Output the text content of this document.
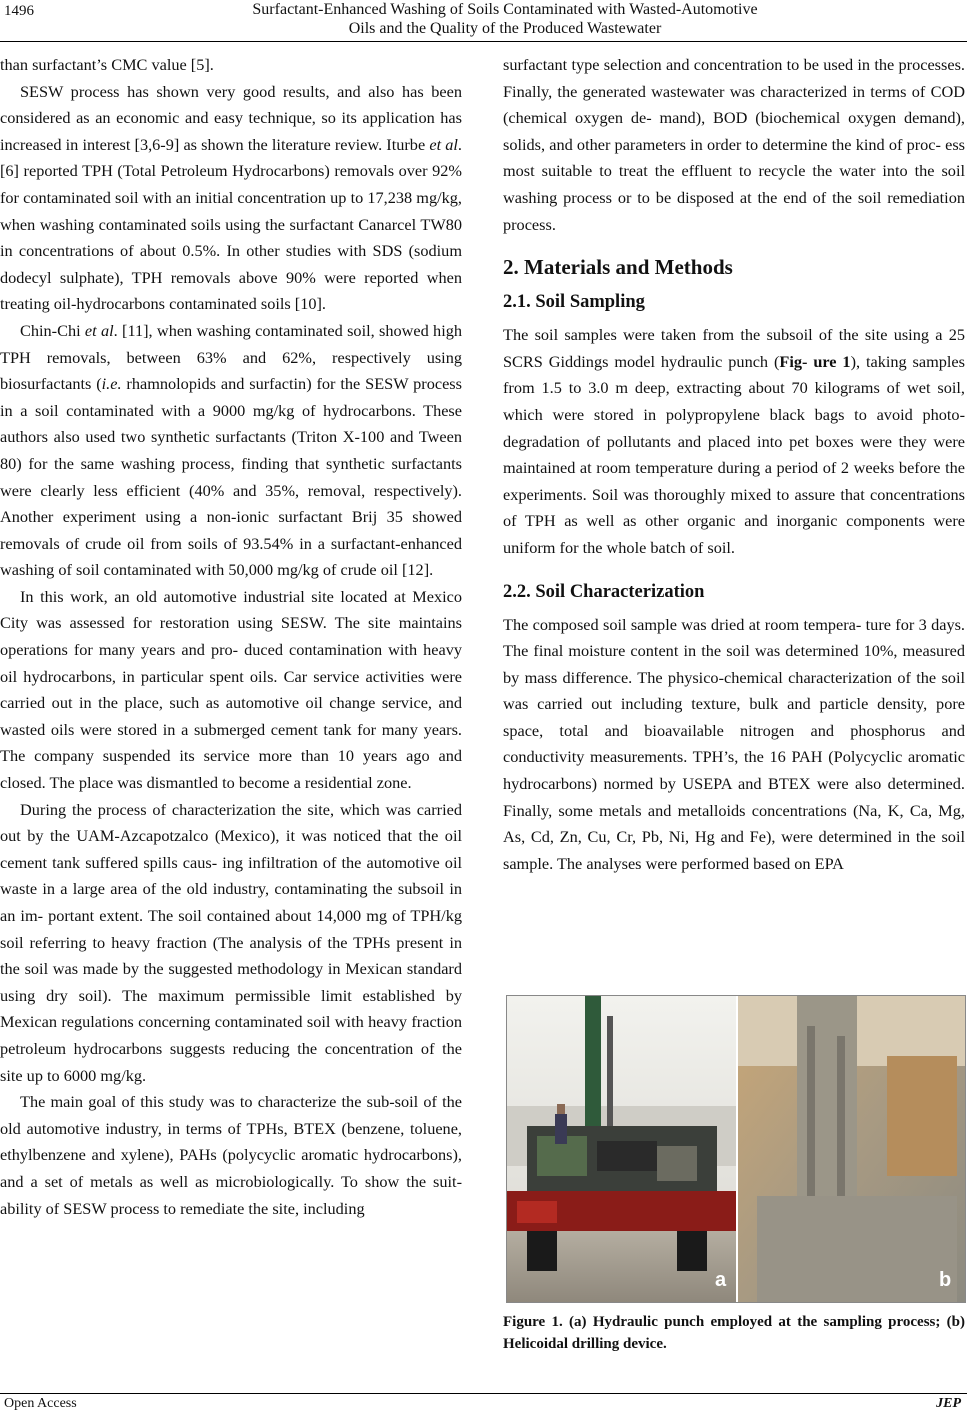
1496	Surfactant-Enhanced Washing of Soils Contaminated with Wasted-Automotive
Oils and the Quality of the Produced Wastewater

than surfactant’s CMC value [5].

SESW process has shown very good results, and also has been considered as an economic and easy technique, so its application has increased in interest [3,6-9] as shown the literature review. Iturbe et al. [6] reported TPH (Total Petroleum Hydrocarbons) removals over 92% for contaminated soil with an initial concentration up to 17,238 mg/kg, when washing contaminated soils using the surfactant Canarcel TW80 in concentrations of about 0.5%. In other studies with SDS (sodium dodecyl sulphate), TPH removals above 90% were reported when treating oil-hydrocarbons contaminated soils [10].

Chin-Chi et al. [11], when washing contaminated soil, showed high TPH removals, between 63% and 62%, respectively using biosurfactants (i.e. rhamnolopids and surfactin) for the SESW process in a soil contaminated with a 9000 mg/kg of hydrocarbons. These authors also used two synthetic surfactants (Triton X-100 and Tween 80) for the same washing process, finding that synthetic surfactants were clearly less efficient (40% and 35%, removal, respectively). Another experiment using a non-ionic surfactant Brij 35 showed removals of crude oil from soils of 93.54% in a surfactant-enhanced washing of soil contaminated with 50,000 mg/kg of crude oil [12].

In this work, an old automotive industrial site located at Mexico City was assessed for restoration using SESW. The site maintains operations for many years and pro- duced contamination with heavy oil hydrocarbons, in particular spent oils. Car service activities were carried out in the place, such as automotive oil change service, and wasted oils were stored in a submerged cement tank for many years. The company suspended its service more than 10 years ago and closed. The place was dismantled to become a residential zone.

During the process of characterization the site, which was carried out by the UAM-Azcapotzalco (Mexico), it was noticed that the oil cement tank suffered spills caus- ing infiltration of the automotive oil waste in a large area of the old industry, contaminating the subsoil in an im- portant extent. The soil contained about 14,000 mg of TPH/kg soil referring to heavy fraction (The analysis of the TPHs present in the soil was made by the suggested methodology in Mexican standard using dry soil). The maximum permissible limit established by Mexican regulations concerning contaminated soil with heavy fraction petroleum hydrocarbons suggests reducing the concentration of the site up to 6000 mg/kg.

The main goal of this study was to characterize the sub-soil of the old automotive industry, in terms of TPHs, BTEX (benzene, toluene, ethylbenzene and xylene), PAHs (polycyclic aromatic hydrocarbons), and a set of metals as well as microbiologically. To show the suit- ability of SESW process to remediate the site, including

surfactant type selection and concentration to be used in the processes. Finally, the generated wastewater was characterized in terms of COD (chemical oxygen de- mand), BOD (biochemical oxygen demand), solids, and other parameters in order to determine the kind of proc- ess most suitable to treat the effluent to recycle the water into the soil washing process or to be disposed at the end of the soil remediation process.

2. Materials and Methods
2.1. Soil Sampling

The soil samples were taken from the subsoil of the site using a 25 SCRS Giddings model hydraulic punch (Fig- ure 1), taking samples from 1.5 to 3.0 m deep, extracting about 70 kilograms of wet soil, which were stored in polypropylene black bags to avoid photo-degradation of pollutants and placed into pet boxes were they were maintained at room temperature during a period of 2 weeks before the experiments. Soil was thoroughly mixed to assure that concentrations of TPH as well as other organic and inorganic components were uniform for the whole batch of soil.

2.2. Soil Characterization

The composed soil sample was dried at room tempera- ture for 3 days. The final moisture content in the soil was determined 10%, measured by mass difference. The physico-chemical characterization of the soil was carried out including texture, bulk and particle density, pore space, total and bioavailable nitrogen and phosphorus and conductivity measurements. TPH’s, the 16 PAH (Polycyclic aromatic hydrocarbons) normed by USEPA and BTEX were also determined. Finally, some metals and metalloids concentrations (Na, K, Ca, Mg, As, Cd, Zn, Cu, Cr, Pb, Ni, Hg and Fe), were determined in the soil sample. The analyses were performed based on EPA

a	b
Figure 1. (a) Hydraulic punch employed at the sampling process; (b) Helicoidal drilling device.
Open Access	JEP
